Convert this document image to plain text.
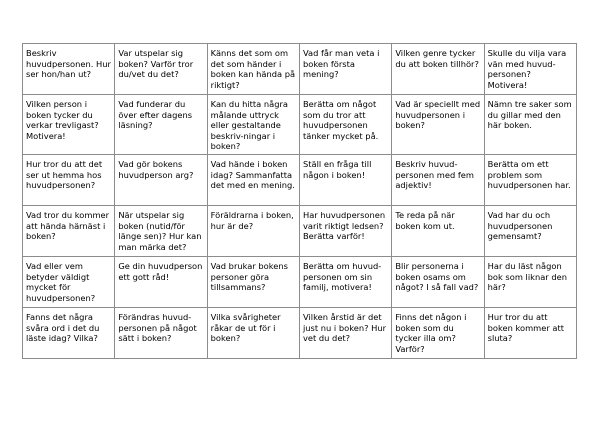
Beskriv huvudpersonen. Hur ser hon/han ut?	Var utspelar sig boken? Varför tror du/vet du det?	Känns det som om det som händer i boken kan hända på riktigt?	Vad får man veta i boken första mening?	Vilken genre tycker du att boken tillhör?	Skulle du vilja vara vän med huvud-personen? Motivera!
Vilken person i boken tycker du verkar trevligast? Motivera!	Vad funderar du över efter dagens läsning?	Kan du hitta några målande uttryck eller gestaltande beskriv-ningar i boken?	Berätta om något som du tror att huvudpersonen tänker mycket på.	Vad är speciellt med huvudpersonen i boken?	Nämn tre saker som du gillar med den här boken.
Hur tror du att det ser ut hemma hos huvudpersonen?	Vad gör bokens huvudperson arg?	Vad hände i boken idag? Sammanfatta det med en mening.	Ställ en fråga till någon i boken!	Beskriv huvud-personen med fem adjektiv!	Berätta om ett problem som huvudpersonen har.
Vad tror du kommer att hända härnäst i boken?	När utspelar sig boken (nutid/för länge sen)? Hur kan man märka det?	Föräldrarna i boken, hur är de?	Har huvudpersonen varit riktigt ledsen? Berätta varför!	Te reda på när boken kom ut.	Vad har du och huvudpersonen gemensamt?
Vad eller vem betyder väldigt mycket för huvudpersonen?	Ge din huvudperson ett gott råd!	Vad brukar bokens personer göra tillsammans?	Berätta om huvud-personen om sin familj, motivera!	Blir personerna i boken osams om något? I så fall vad?	Har du läst någon bok som liknar den här?
Fanns det några svåra ord i det du läste idag? Vilka?	Förändras huvud-personen på något sätt i boken?	Vilka svårigheter råkar de ut för i boken?	Vilken årstid är det just nu i boken? Hur vet du det?	Finns det någon i boken som du tycker illa om? Varför?	Hur tror du att boken kommer att sluta?
